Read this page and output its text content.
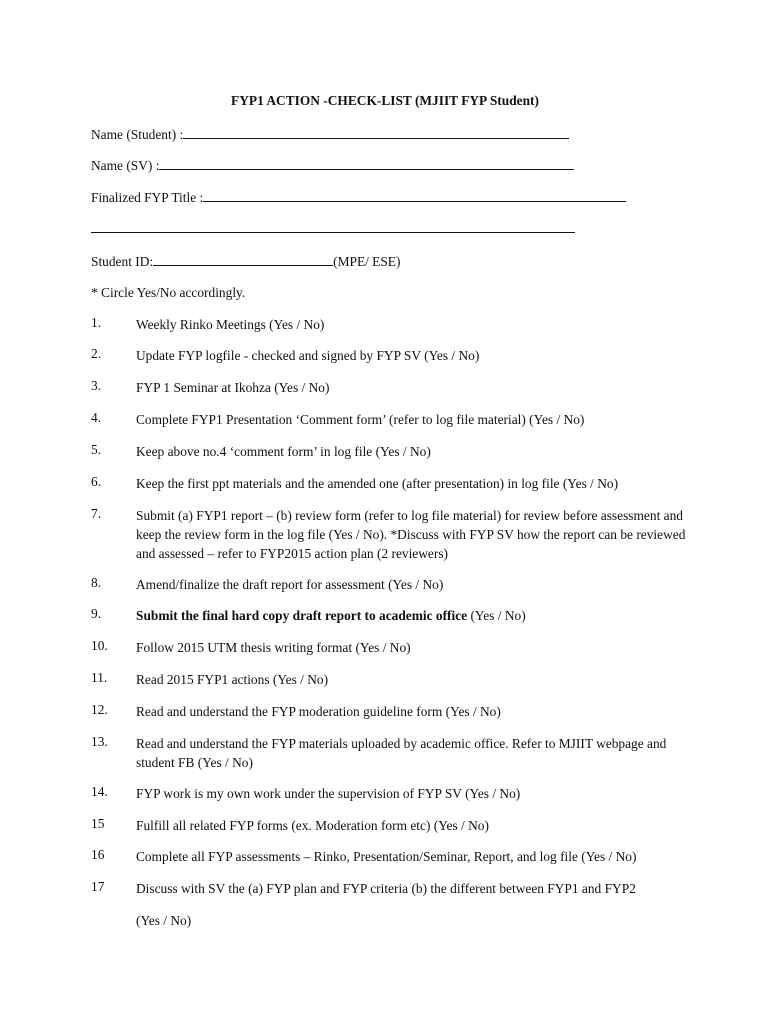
FYP1 ACTION -CHECK-LIST (MJIIT FYP Student)
Name (Student) :
Name (SV) :
Finalized FYP Title :
Student ID:	(MPE/ ESE)
* Circle Yes/No accordingly.
1.	Weekly Rinko Meetings (Yes / No)
2.	Update FYP logfile - checked and signed by FYP SV (Yes / No)
3.	FYP 1 Seminar at Ikohza (Yes / No)
4.	Complete FYP1 Presentation ‘Comment form’ (refer to log file material) (Yes / No)
5.	Keep above no.4 ‘comment form’ in log file (Yes / No)
6.	Keep the first ppt materials and the amended one (after presentation) in log file (Yes / No)
7.	Submit (a) FYP1 report – (b) review form (refer to log file material) for review before assessment and keep the review form in the log file (Yes / No). *Discuss with FYP SV how the report can be reviewed and assessed – refer to FYP2015 action plan (2 reviewers)
8.	Amend/finalize the draft report for assessment (Yes / No)
9.	Submit the final hard copy draft report to academic office (Yes / No)
10.	Follow 2015 UTM thesis writing format (Yes / No)
11.	Read 2015 FYP1 actions (Yes / No)
12.	Read and understand the FYP moderation guideline form (Yes / No)
13.	Read and understand the FYP materials uploaded by academic office. Refer to MJIIT webpage and student FB (Yes / No)
14.	FYP work is my own work under the supervision of FYP SV (Yes / No)
15	Fulfill all related FYP forms (ex. Moderation form etc) (Yes / No)
16	Complete all FYP assessments – Rinko, Presentation/Seminar, Report, and log file (Yes / No)
17	Discuss with SV the (a) FYP plan and FYP criteria (b) the different between FYP1 and FYP2
(Yes / No)
